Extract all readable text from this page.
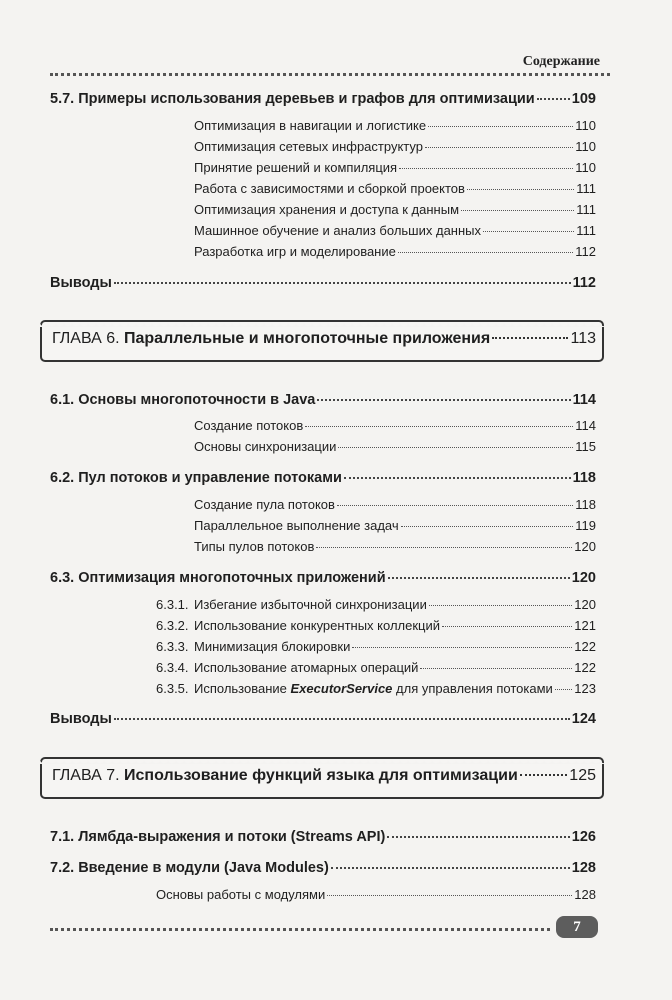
Содержание
5.7. Примеры использования деревьев и графов для оптимизации	109
Оптимизация в навигации и логистике	110
Оптимизация сетевых инфраструктур	110
Принятие решений и компиляция	110
Работа с зависимостями и сборкой проектов	111
Оптимизация хранения и доступа к данным	111
Машинное обучение и анализ больших данных	111
Разработка игр и моделирование	112
Выводы	112
ГЛАВА 6. Параллельные и многопоточные приложения	113
6.1. Основы многопоточности в Java	114
Создание потоков	114
Основы синхронизации	115
6.2. Пул потоков и управление потоками	118
Создание пула потоков	118
Параллельное выполнение задач	119
Типы пулов потоков	120
6.3. Оптимизация многопоточных приложений	120
6.3.1. Избегание избыточной синхронизации	120
6.3.2. Использование конкурентных коллекций	121
6.3.3. Минимизация блокировки	122
6.3.4. Использование атомарных операций	122
6.3.5. Использование ExecutorService для управления потоками 123
Выводы	124
ГЛАВА 7. Использование функций языка для оптимизации	125
7.1. Лямбда-выражения и потоки (Streams API)	126
7.2. Введение в модули (Java Modules)	128
Основы работы с модулями	128
7
